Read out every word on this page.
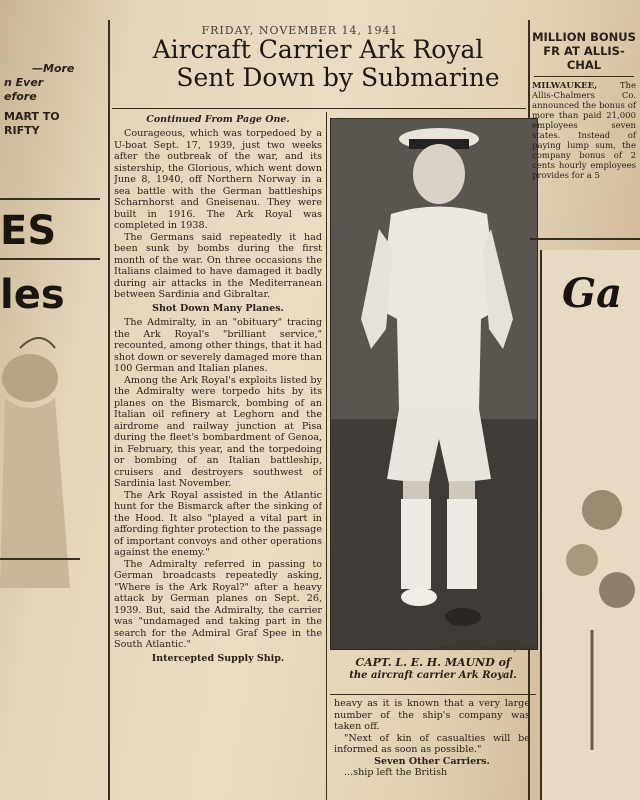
FRIDAY, NOVEMBER 14, 1941
Aircraft Carrier Ark Royal
Sent Down by Submarine
Continued From Page One.

Courageous, which was torpedoed by a U-boat Sept. 17, 1939, just two weeks after the outbreak of the war, and its sistership, the Glorious, which went down June 8, 1940, off Northern Norway in a sea battle with the German battleships Scharnhorst and Gneisenau. They were built in 1916. The Ark Royal was completed in 1938.

The Germans said repeatedly it had been sunk by bombs during the first month of the war. On three occasions the Italians claimed to have damaged it badly during air attacks in the Mediterranean between Sardinia and Gibraltar.

Shot Down Many Planes.

The Admiralty, in an "obituary" tracing the Ark Royal's "brilliant service," recounted, among other things, that it had shot down or severely damaged more than 100 German and Italian planes.

Among the Ark Royal's exploits listed by the Admiralty were torpedo hits by its planes on the Bismarck, bombing of an Italian oil refinery at Leghorn and the airdrome and railway junction at Pisa during the fleet's bombardment of Genoa, in February, this year, and the torpedoing or bombing of an Italian battleship, cruisers and destroyers southwest of Sardinia last November.

The Ark Royal assisted in the Atlantic hunt for the Bismarck after the sinking of the Hood. It also "played a vital part in affording fighter protection to the passage of important convoys and other operations against the enemy."

The Admiralty referred in passing to German broadcasts repeatedly asking, "Where is the Ark Royal?" after a heavy attack by German planes on Sept. 26, 1939. But, said the Admiralty, the carrier was "undamaged and taking part in the search for the Admiral Graf Spee in the South Atlantic."

Intercepted Supply Ship.
—Associated Press Wirephoto.
CAPT. L. E. H. MAUND of
the aircraft carrier Ark Royal.

heavy as it is known that a very large number of the ship's company was taken off.

"Next of kin of casualties will be informed as soon as possible."

Seven Other Carriers.

...ship left the British

MILLION BONUS FR AT ALLIS-CHAL
MILWAUKEE, The Allis-Chalmers Co. announced the bonus of more than paid 21,000 employees seven states. Instead of paying lump sum, the company bonus of 2 cents hourly employees provides for a 5
Ga
—More
n Ever
efore
MART TO
RIFTY
ES
les
